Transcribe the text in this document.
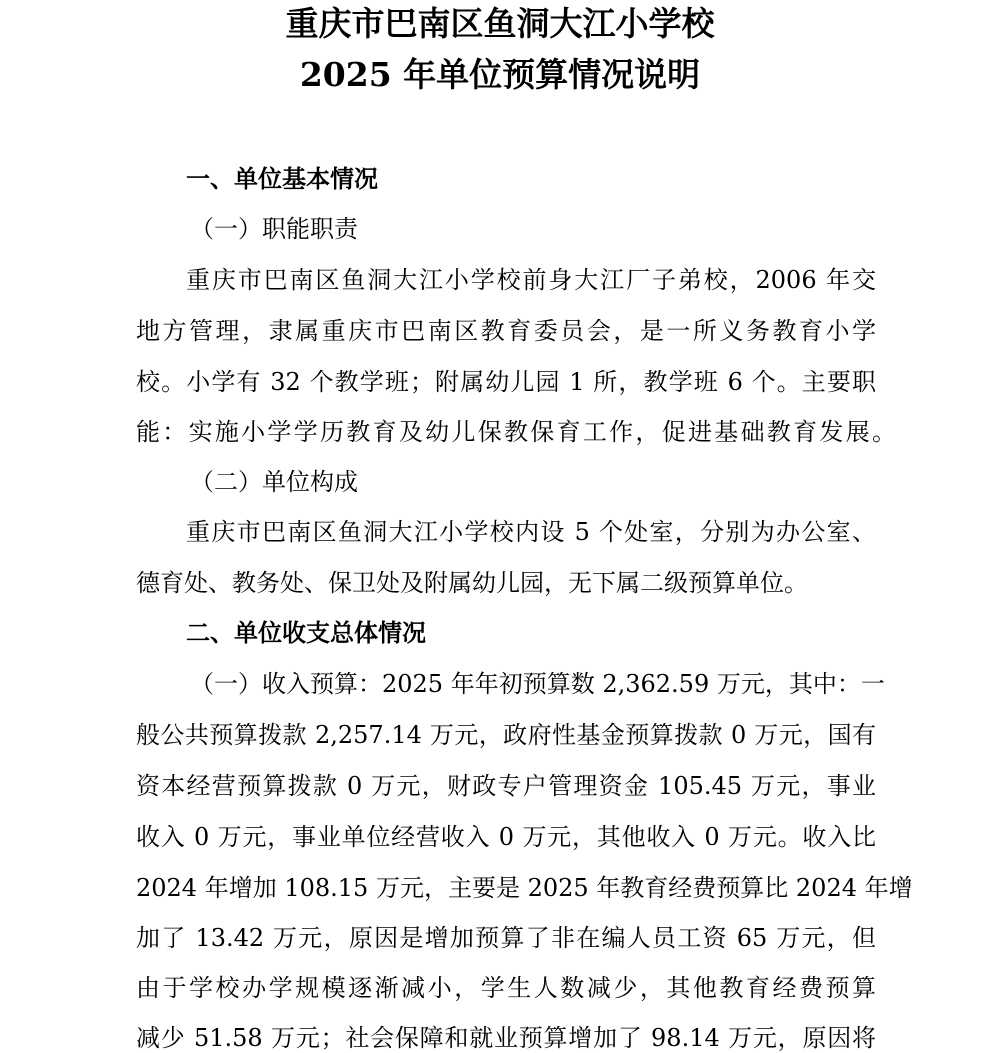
重庆市巴南区鱼洞大江小学校
2025 年单位预算情况说明
一、单位基本情况
（一）职能职责
重庆市巴南区鱼洞大江小学校前身大江厂子弟校，2006 年交
地方管理，隶属重庆市巴南区教育委员会，是一所义务教育小学
校。小学有 32 个教学班；附属幼儿园 1 所，教学班 6 个。主要职
能：实施小学学历教育及幼儿保教保育工作，促进基础教育发展。
（二）单位构成
重庆市巴南区鱼洞大江小学校内设 5 个处室，分别为办公室、
德育处、教务处、保卫处及附属幼儿园，无下属二级预算单位。
二、单位收支总体情况
（一）收入预算：2025 年年初预算数 2,362.59 万元，其中：一
般公共预算拨款 2,257.14 万元，政府性基金预算拨款 0 万元，国有
资本经营预算拨款 0 万元，财政专户管理资金 105.45 万元，事业
收入 0 万元，事业单位经营收入 0 万元，其他收入 0 万元。收入比
2024 年增加 108.15 万元，主要是 2025 年教育经费预算比 2024 年增
加了 13.42 万元，原因是增加预算了非在编人员工资 65 万元，但
由于学校办学规模逐渐减小，学生人数减少，其他教育经费预算
减少 51.58 万元；社会保障和就业预算增加了 98.14 万元，原因将
